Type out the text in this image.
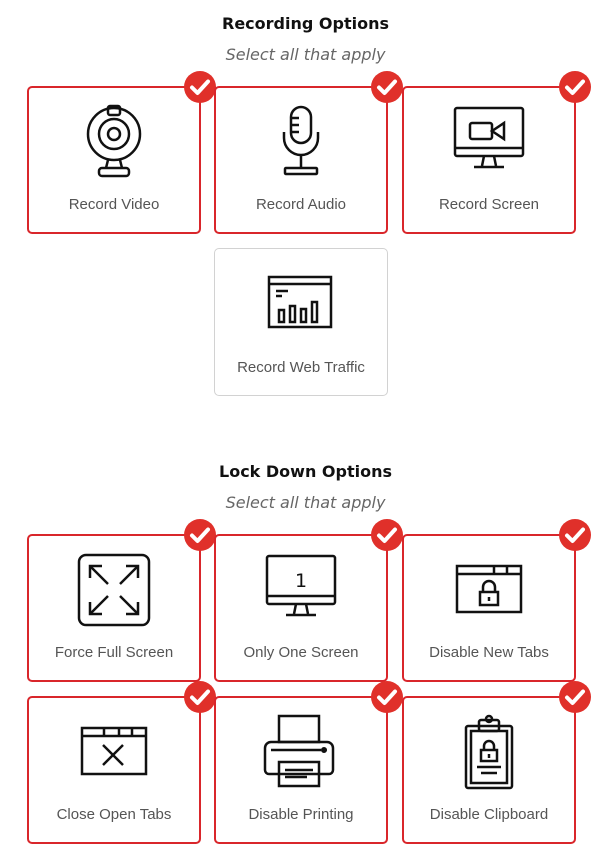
Recording Options
Select all that apply
Record Video	Record Audio	Record Screen
Record Web Traffic
Lock Down Options
Select all that apply
Force Full Screen
1
Only One Screen	Disable New Tabs
Close Open Tabs	Disable Printing	Disable Clipboard
